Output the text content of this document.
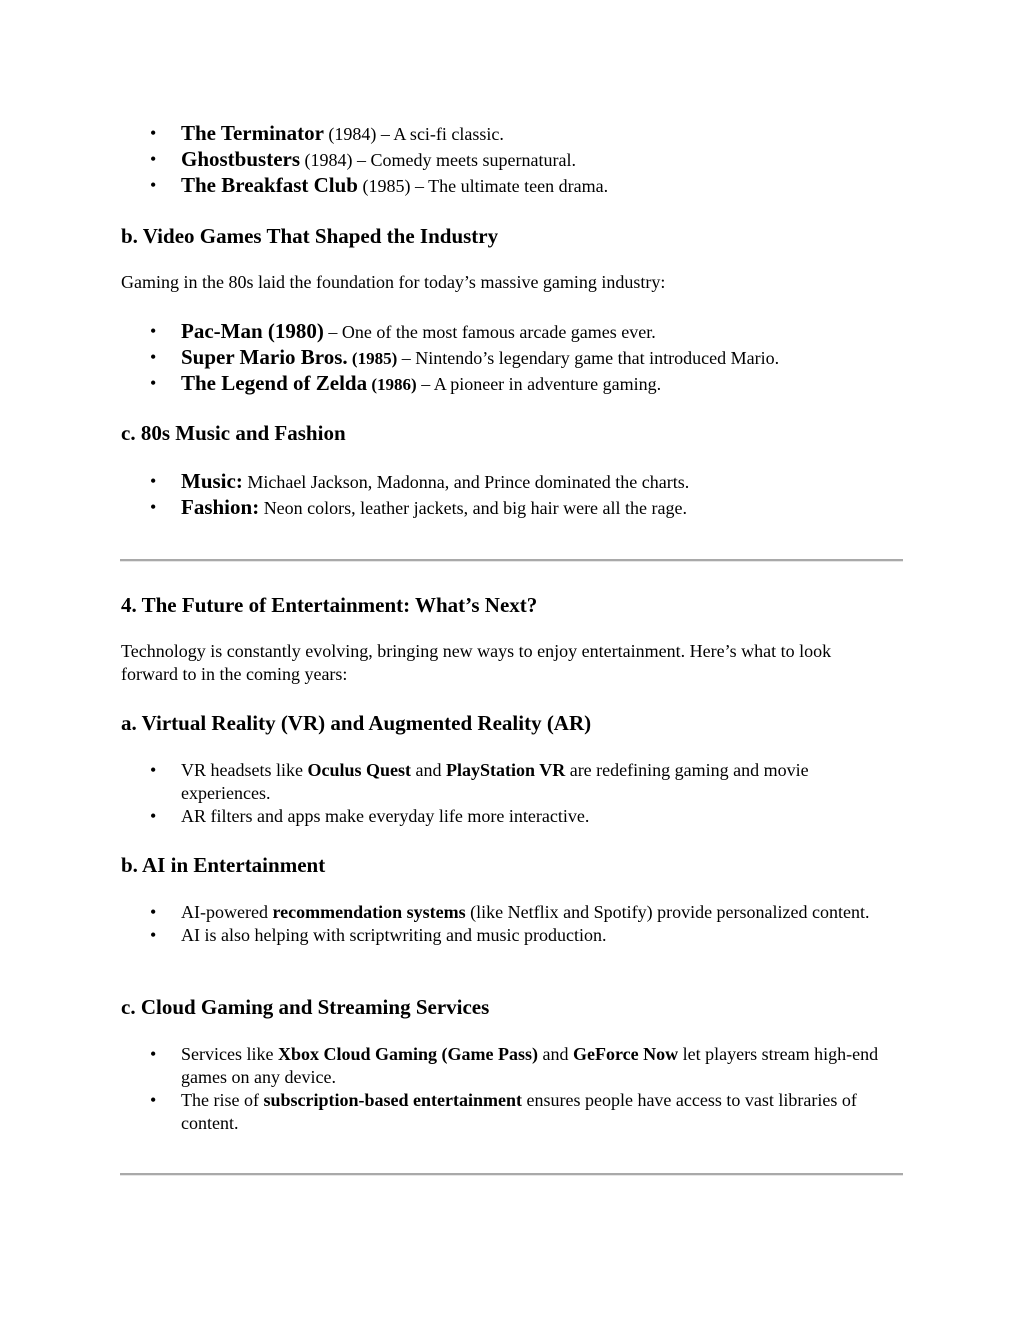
• The Terminator (1984) – A sci-fi classic.
• Ghostbusters (1984) – Comedy meets supernatural.
• The Breakfast Club (1985) – The ultimate teen drama.
b. Video Games That Shaped the Industry

Gaming in the 80s laid the foundation for today’s massive gaming industry:

• Pac-Man (1980) – One of the most famous arcade games ever.
• Super Mario Bros. (1985) – Nintendo’s legendary game that introduced Mario.
• The Legend of Zelda (1986) – A pioneer in adventure gaming.
c. 80s Music and Fashion
• Music: Michael Jackson, Madonna, and Prince dominated the charts.
• Fashion: Neon colors, leather jackets, and big hair were all the rage.
4. The Future of Entertainment: What’s Next?

Technology is constantly evolving, bringing new ways to enjoy entertainment. Here’s what to look forward to in the coming years:

a. Virtual Reality (VR) and Augmented Reality (AR)
• VR headsets like Oculus Quest and PlayStation VR are redefining gaming and movie experiences.
• AR filters and apps make everyday life more interactive.
b. AI in Entertainment
• AI-powered recommendation systems (like Netflix and Spotify) provide personalized content.
• AI is also helping with scriptwriting and music production.
c. Cloud Gaming and Streaming Services
• Services like Xbox Cloud Gaming (Game Pass) and GeForce Now let players stream high-end games on any device.
• The rise of subscription-based entertainment ensures people have access to vast libraries of content.
